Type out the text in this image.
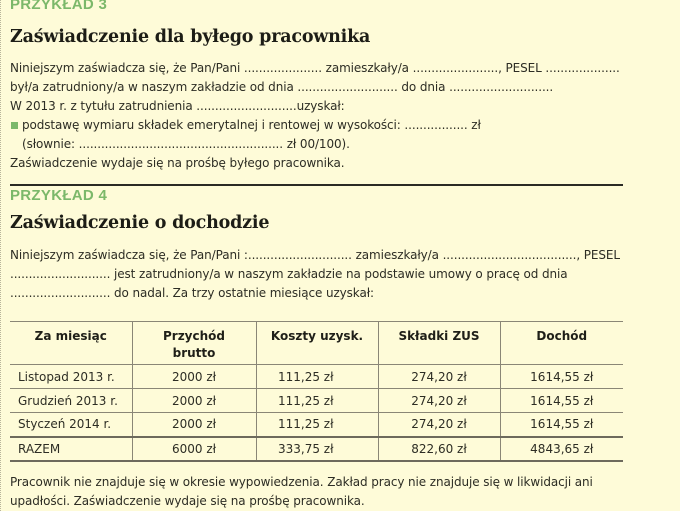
PRZYKŁAD 3
Zaświadczenie dla byłego pracownika
Niniejszym zaświadcza się, że Pan/Pani ..................... zamieszkały/a ......................., PESEL ....................
był/a zatrudniony/a w naszym zakładzie od dnia ........................... do dnia ............................
W 2013 r. z tytułu zatrudnienia ...........................uzyskał:
podstawę wymiaru składek emerytalnej i rentowej w wysokości: ................. zł
(słownie: ....................................................... zł 00/100).
Zaświadczenie wydaje się na prośbę byłego pracownika.
PRZYKŁAD 4
Zaświadczenie o dochodzie
Niniejszym zaświadcza się, że Pan/Pani :............................ zamieszkały/a ...................................., PESEL
........................... jest zatrudniony/a w naszym zakładzie na podstawie umowy o pracę od dnia
........................... do nadal. Za trzy ostatnie miesiące uzyskał:
Za miesiąc	Przychód brutto	Koszty uzysk.	Składki ZUS	Dochód
Listopad 2013 r.	2000 zł	111,25 zł	274,20 zł	1614,55 zł
Grudzień 2013 r.	2000 zł	111,25 zł	274,20 zł	1614,55 zł
Styczeń 2014 r.	2000 zł	111,25 zł	274,20 zł	1614,55 zł
RAZEM	6000 zł	333,75 zł	822,60 zł	4843,65 zł
Pracownik nie znajduje się w okresie wypowiedzenia. Zakład pracy nie znajduje się w likwidacji ani
upadłości. Zaświadczenie wydaje się na prośbę pracownika.
